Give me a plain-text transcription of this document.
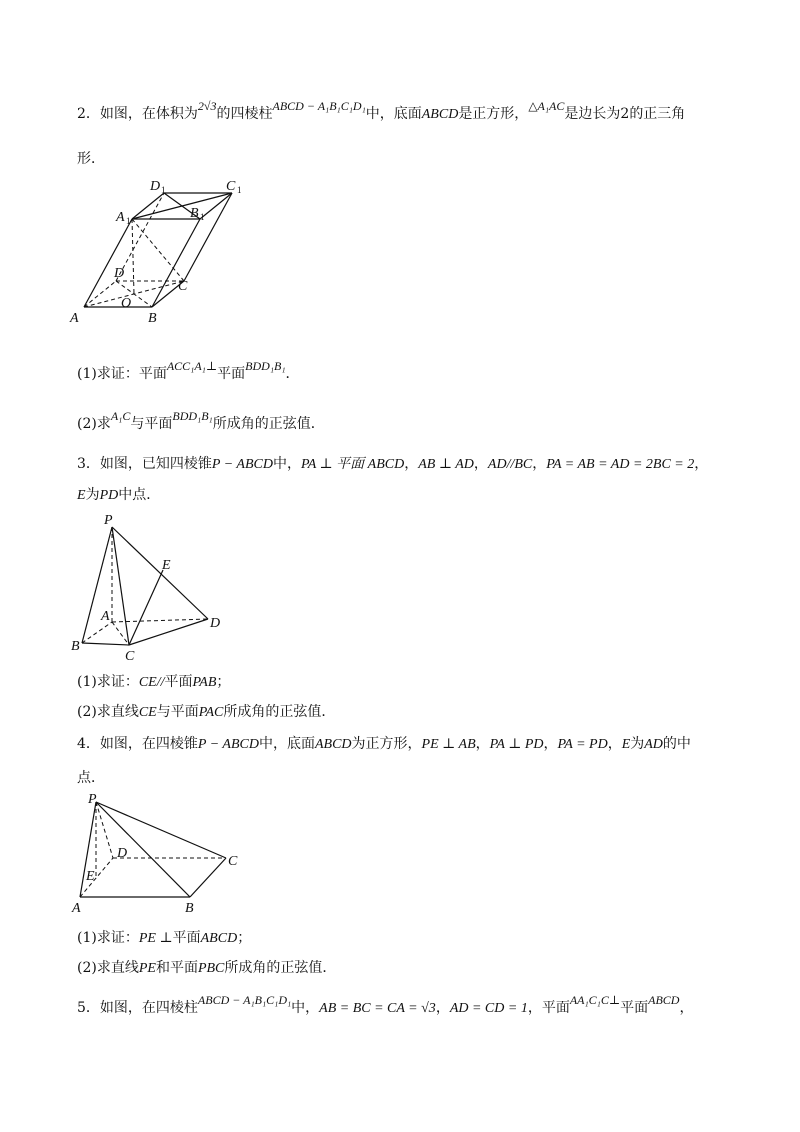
2．如图，在体积为2√3的四棱柱ABCD − A₁B₁C₁D₁中，底面ABCD是正方形，△A₁AC是边长为2的正三角
形．
A	B
C
D
O
A 1	B 1
C 1
D 1
(1)求证：平面ACC₁A₁⊥平面BDD₁B₁．
(2)求A₁C与平面BDD₁B₁所成角的正弦值．
3．如图，已知四棱锥P − ABCD中，PA ⊥ 平面 ABCD，AB ⊥ AD，AD//BC，PA = AB = AD = 2BC = 2，
E为PD中点．
P
E
A
B
C
D
(1)求证：CE//平面PAB；
(2)求直线CE与平面PAC所成角的正弦值．
4．如图，在四棱锥P − ABCD中，底面ABCD为正方形，PE ⊥ AB，PA ⊥ PD，PA = PD，E为AD的中
点．
P
D
C
E
A	B
(1)求证：PE ⊥平面ABCD；
(2)求直线PE和平面PBC所成角的正弦值．
5．如图，在四棱柱ABCD − A₁B₁C₁D₁中，AB = BC = CA = √3，AD = CD = 1，平面AA₁C₁C⊥平面ABCD，
